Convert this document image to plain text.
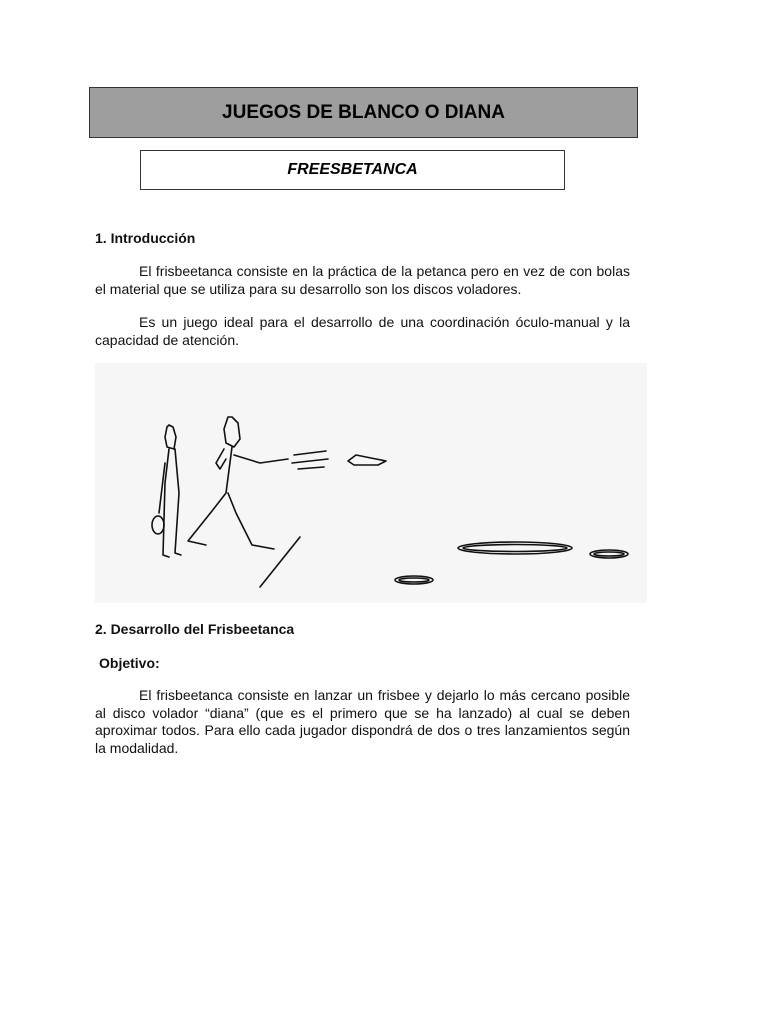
JUEGOS DE BLANCO O DIANA
FREESBETANCA
1. Introducción
El frisbeetanca consiste en la práctica de la petanca pero en vez de con bolas el material que se utiliza para su desarrollo son los discos voladores.
Es un juego ideal para el desarrollo de una coordinación óculo-manual y la capacidad de atención.
2. Desarrollo del Frisbeetanca
Objetivo:
El frisbeetanca consiste en lanzar un frisbee y dejarlo lo más cercano posible al disco volador “diana” (que es el primero que se ha lanzado) al cual se deben aproximar todos. Para ello cada jugador dispondrá de dos o tres lanzamientos según la modalidad.
